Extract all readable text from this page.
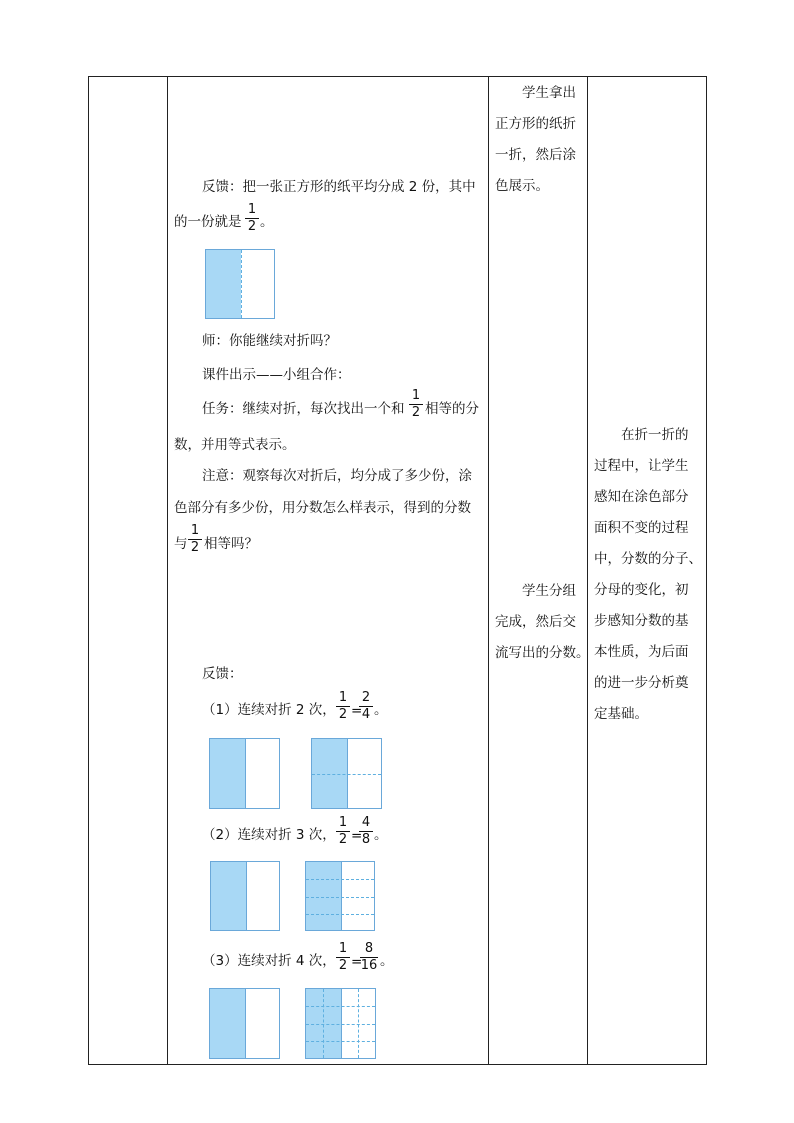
反馈：把一张正方形的纸平均分成 2 份，其中
的一份就是
1
2 。
师：你能继续对折吗？
课件出示——小组合作：
任务：继续对折，每次找出一个和
1
2 相等的分
数，并用等式表示。
注意：观察每次对折后，均分成了多少份，涂
色部分有多少份，用分数怎么样表示，得到的分数
与
1
2 相等吗？
反馈：
（1）连续对折 2 次，
1
2 =
2
4 。
（2）连续对折 3 次，
1
2 =
4
8 。
（3）连续对折 4 次，
1
2 =
8
16 。
学生拿出
正方形的纸折
一折，然后涂
色展示。
学生分组
完成，然后交
流写出的分数。
在折一折的
过程中，让学生
感知在涂色部分
面积不变的过程
中，分数的分子、
分母的变化，初
步感知分数的基
本性质，为后面
的进一步分析奠
定基础。
